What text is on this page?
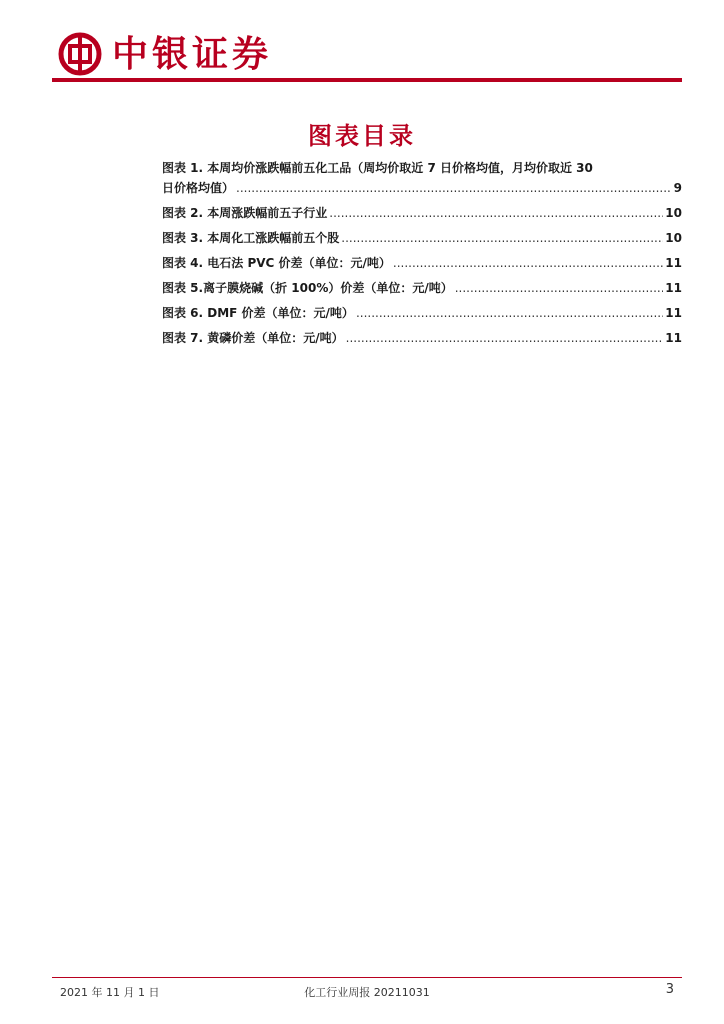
中银证券
图表目录
图表 1. 本周均价涨跌幅前五化工品（周均价取近 7 日价格均值，月均价取近 30
日价格均值） .....	9
图表 2. 本周涨跌幅前五子行业 .....	10
图表 3. 本周化工涨跌幅前五个股 .....	10
图表 4. 电石法 PVC 价差（单位：元/吨） .....	11
图表 5.离子膜烧碱（折 100%）价差（单位：元/吨） .....	11
图表 6. DMF 价差（单位：元/吨） .....	11
图表 7. 黄磷价差（单位：元/吨） .....	11
2021 年 11 月 1 日	化工行业周报 20211031	3
